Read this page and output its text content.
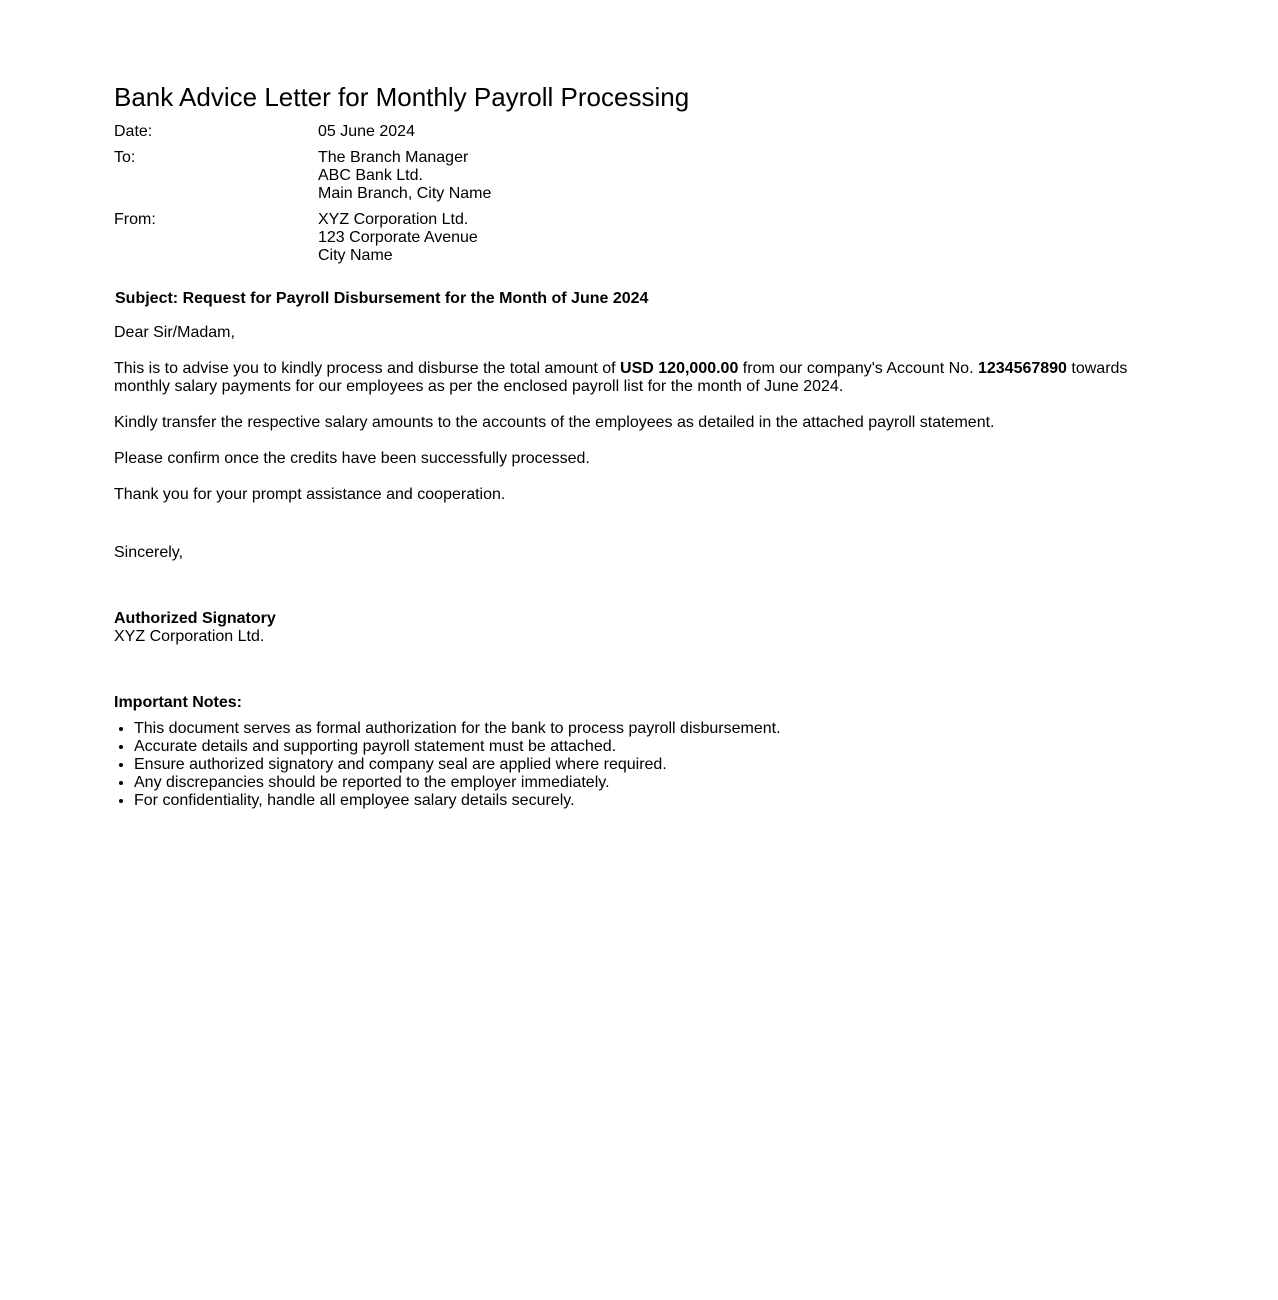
Bank Advice Letter for Monthly Payroll Processing
Date:	05 June 2024
To:	The Branch Manager
ABC Bank Ltd.
Main Branch, City Name
From:	XYZ Corporation Ltd.
123 Corporate Avenue
City Name
Subject: Request for Payroll Disbursement for the Month of June 2024

Dear Sir/Madam,

This is to advise you to kindly process and disburse the total amount of USD 120,000.00 from our company's Account No. 1234567890 towards monthly salary payments for our employees as per the enclosed payroll list for the month of June 2024.

Kindly transfer the respective salary amounts to the accounts of the employees as detailed in the attached payroll statement.

Please confirm once the credits have been successfully processed.

Thank you for your prompt assistance and cooperation.

Sincerely,

Authorized Signatory
XYZ Corporation Ltd.
Important Notes:
• This document serves as formal authorization for the bank to process payroll disbursement.
• Accurate details and supporting payroll statement must be attached.
• Ensure authorized signatory and company seal are applied where required.
• Any discrepancies should be reported to the employer immediately.
• For confidentiality, handle all employee salary details securely.
